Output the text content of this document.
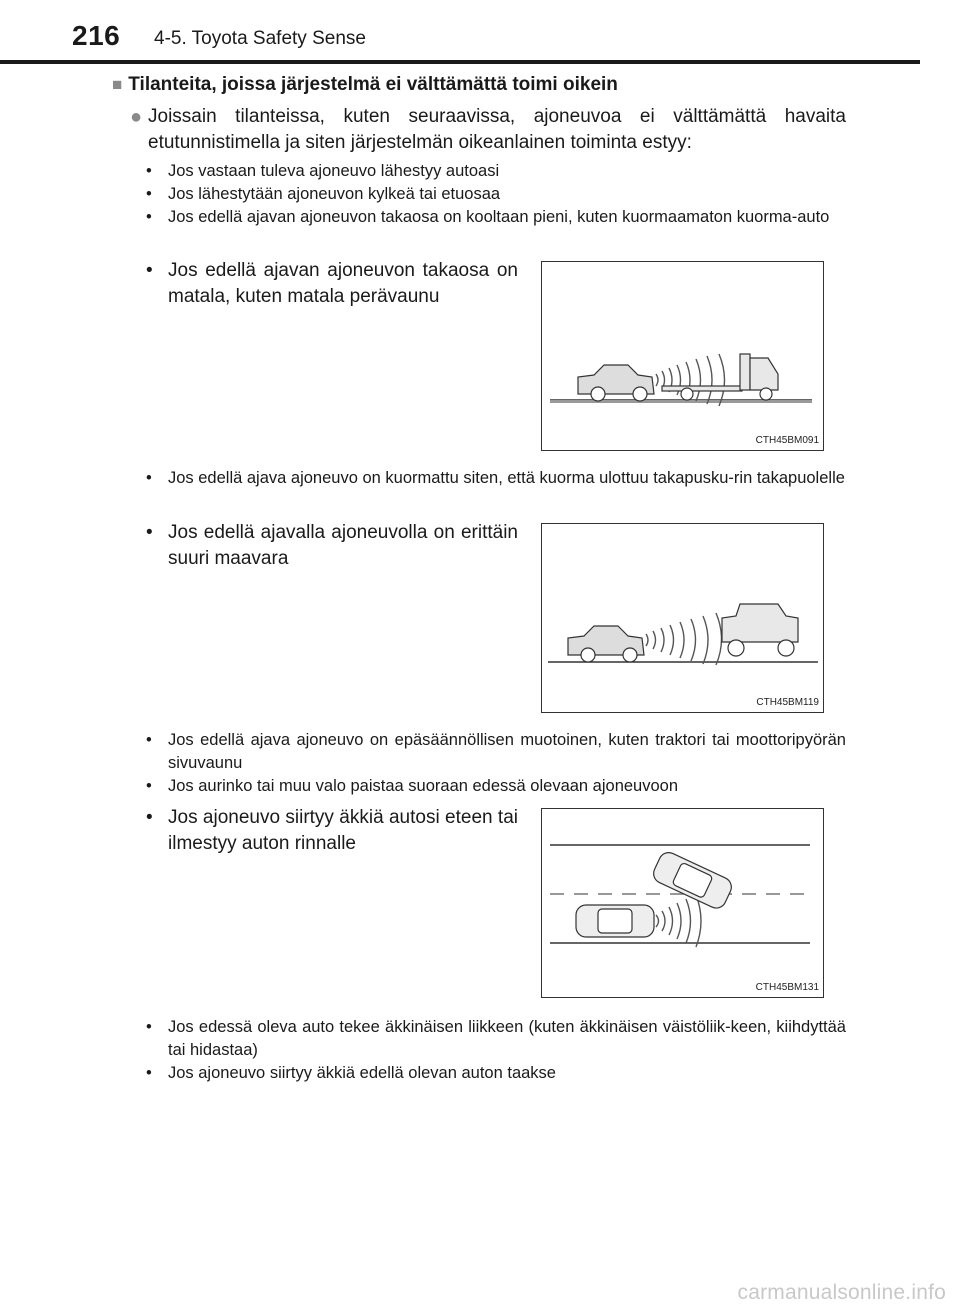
216 4-5. Toyota Safety Sense
■ Tilanteita, joissa järjestelmä ei välttämättä toimi oikein
● Joissain tilanteissa, kuten seuraavissa, ajoneuvoa ei välttämättä havaita etutunnistimella ja siten järjestelmän oikeanlainen toiminta estyy:
• Jos vastaan tuleva ajoneuvo lähestyy autoasi
• Jos lähestytään ajoneuvon kylkeä tai etuosaa
• Jos edellä ajavan ajoneuvon takaosa on kooltaan pieni, kuten kuormaamaton kuorma-auto
• Jos edellä ajavan ajoneuvon takaosa on matala, kuten matala perävaunu
CTH45BM091
• Jos edellä ajava ajoneuvo on kuormattu siten, että kuorma ulottuu takapusku-rin takapuolelle
• Jos edellä ajavalla ajoneuvolla on erittäin suuri maavara
CTH45BM119
• Jos edellä ajava ajoneuvo on epäsäännöllisen muotoinen, kuten traktori tai moottoripyörän sivuvaunu
• Jos aurinko tai muu valo paistaa suoraan edessä olevaan ajoneuvoon
• Jos ajoneuvo siirtyy äkkiä autosi eteen tai ilmestyy auton rinnalle
CTH45BM131
• Jos edessä oleva auto tekee äkkinäisen liikkeen (kuten äkkinäisen väistöliik-keen, kiihdyttää tai hidastaa)
• Jos ajoneuvo siirtyy äkkiä edellä olevan auton taakse
carmanualsonline.info
